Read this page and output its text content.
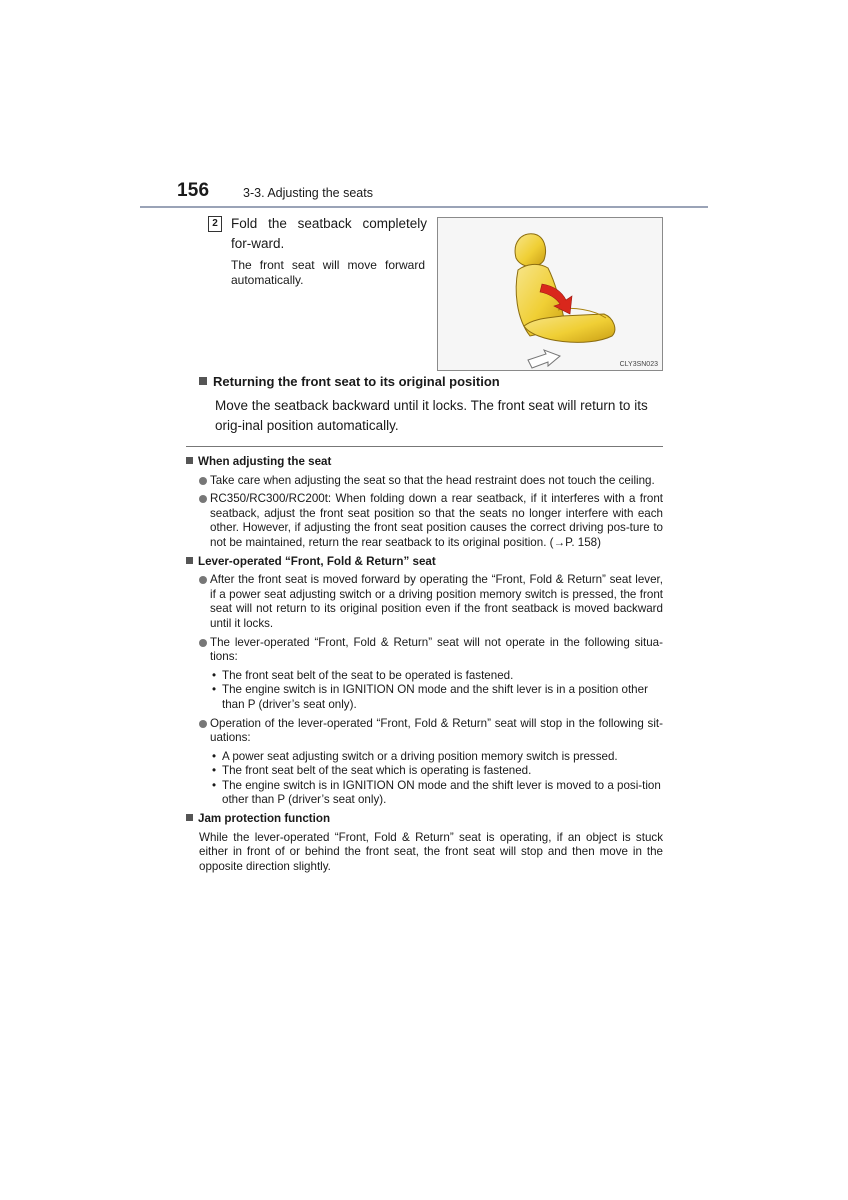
156	3-3. Adjusting the seats
2 Fold the seatback completely for-ward.
The front seat will move forward automatically.
CLY3SN023
Returning the front seat to its original position
Move the seatback backward until it locks. The front seat will return to its orig-inal position automatically.
When adjusting the seat
Take care when adjusting the seat so that the head restraint does not touch the ceiling.
RC350/RC300/RC200t: When folding down a rear seatback, if it interferes with a front seatback, adjust the front seat position so that the seats no longer interfere with each other. However, if adjusting the front seat position causes the correct driving pos-ture to not be maintained, return the rear seatback to its original position. (→P. 158)
Lever-operated “Front, Fold & Return” seat
After the front seat is moved forward by operating the “Front, Fold & Return” seat lever, if a power seat adjusting switch or a driving position memory switch is pressed, the front seat will not return to its original position even if the front seatback is moved backward until it locks.
The lever-operated “Front, Fold & Return” seat will not operate in the following situa-tions:
• The front seat belt of the seat to be operated is fastened.
• The engine switch is in IGNITION ON mode and the shift lever is in a position other than P (driver’s seat only).
Operation of the lever-operated “Front, Fold & Return” seat will stop in the following sit-uations:
• A power seat adjusting switch or a driving position memory switch is pressed.
• The front seat belt of the seat which is operating is fastened.
• The engine switch is in IGNITION ON mode and the shift lever is moved to a posi-tion other than P (driver’s seat only).
Jam protection function
While the lever-operated “Front, Fold & Return” seat is operating, if an object is stuck either in front of or behind the front seat, the front seat will stop and then move in the opposite direction slightly.
